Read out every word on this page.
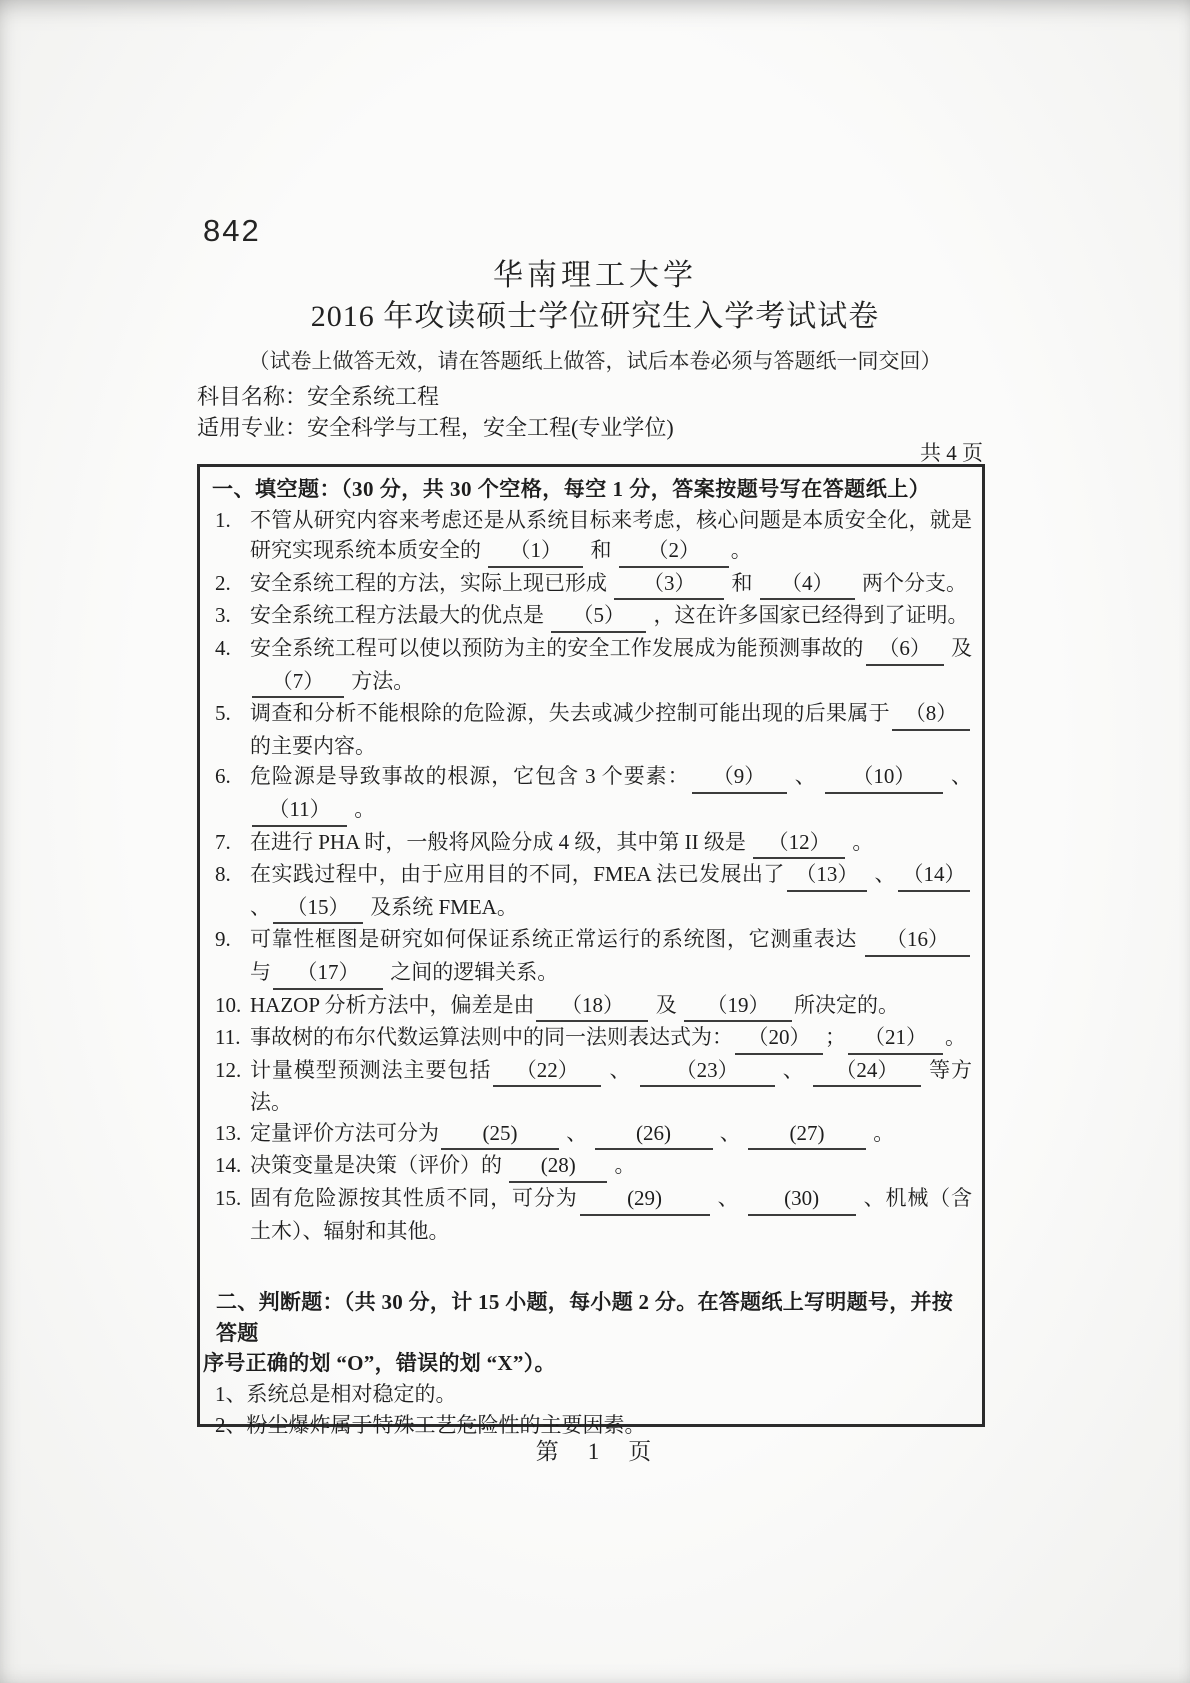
842
华南理工大学
2016 年攻读硕士学位研究生入学考试试卷
（试卷上做答无效，请在答题纸上做答，试后本卷必须与答题纸一同交回）
科目名称：安全系统工程
适用专业：安全科学与工程，安全工程(专业学位)
共 4 页
一、填空题：（30 分，共 30 个空格，每空 1 分，答案按题号写在答题纸上）
1. 不管从研究内容来考虑还是从系统目标来考虑，核心问题是本质安全化，就是研究实现系统本质安全的 （1） 和 （2） 。
2. 安全系统工程的方法，实际上现已形成 （3） 和 （4） 两个分支。
3. 安全系统工程方法最大的优点是 （5） ，这在许多国家已经得到了证明。
4. 安全系统工程可以使以预防为主的安全工作发展成为能预测事故的 （6） 及 （7） 方法。
5. 调查和分析不能根除的危险源，失去或减少控制可能出现的后果属于 （8） 的主要内容。
6. 危险源是导致事故的根源，它包含 3 个要素： （9） 、 （10） 、（11） 。
7. 在进行 PHA 时，一般将风险分成 4 级，其中第 II 级是 （12） 。
8. 在实践过程中，由于应用目的不同，FMEA 法已发展出了 （13） 、 （14） 、 （15） 及系统 FMEA。
9. 可靠性框图是研究如何保证系统正常运行的系统图，它测重表达 （16） 与 （17） 之间的逻辑关系。
10. HAZOP 分析方法中，偏差是由 （18） 及 （19） 所决定的。
11. 事故树的布尔代数运算法则中的同一法则表达式为： （20） ； （21） 。
12. 计量模型预测法主要包括 （22） 、 （23） 、 （24） 等方法。
13. 定量评价方法可分为 (25) 、 (26) 、 (27) 。
14. 决策变量是决策（评价）的 (28) 。
15. 固有危险源按其性质不同，可分为 (29) 、 (30) 、机械（含土木）、辐射和其他。
二、判断题：（共 30 分，计 15 小题，每小题 2 分。在答题纸上写明题号，并按答题
序号正确的划 “O”，错误的划 “X”）。
1、系统总是相对稳定的。
2、粉尘爆炸属于特殊工艺危险性的主要因素。
第　1　页
